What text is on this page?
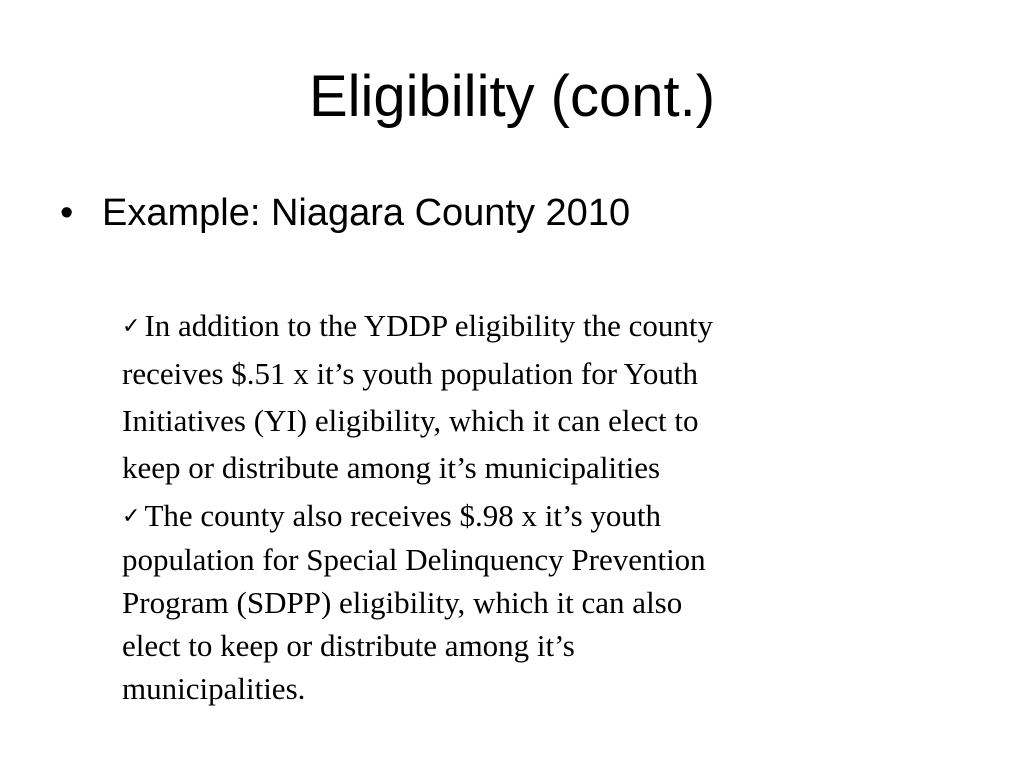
Eligibility (cont.)
• Example: Niagara County 2010
✓ In addition to the YDDP eligibility the county
receives $.51 x it’s youth population for Youth
Initiatives (YI) eligibility, which it can elect to
keep or distribute among it’s municipalities
✓ The county also receives $.98 x it’s youth
population for Special Delinquency Prevention
Program (SDPP) eligibility, which it can also
elect to keep or distribute among it’s
municipalities.
